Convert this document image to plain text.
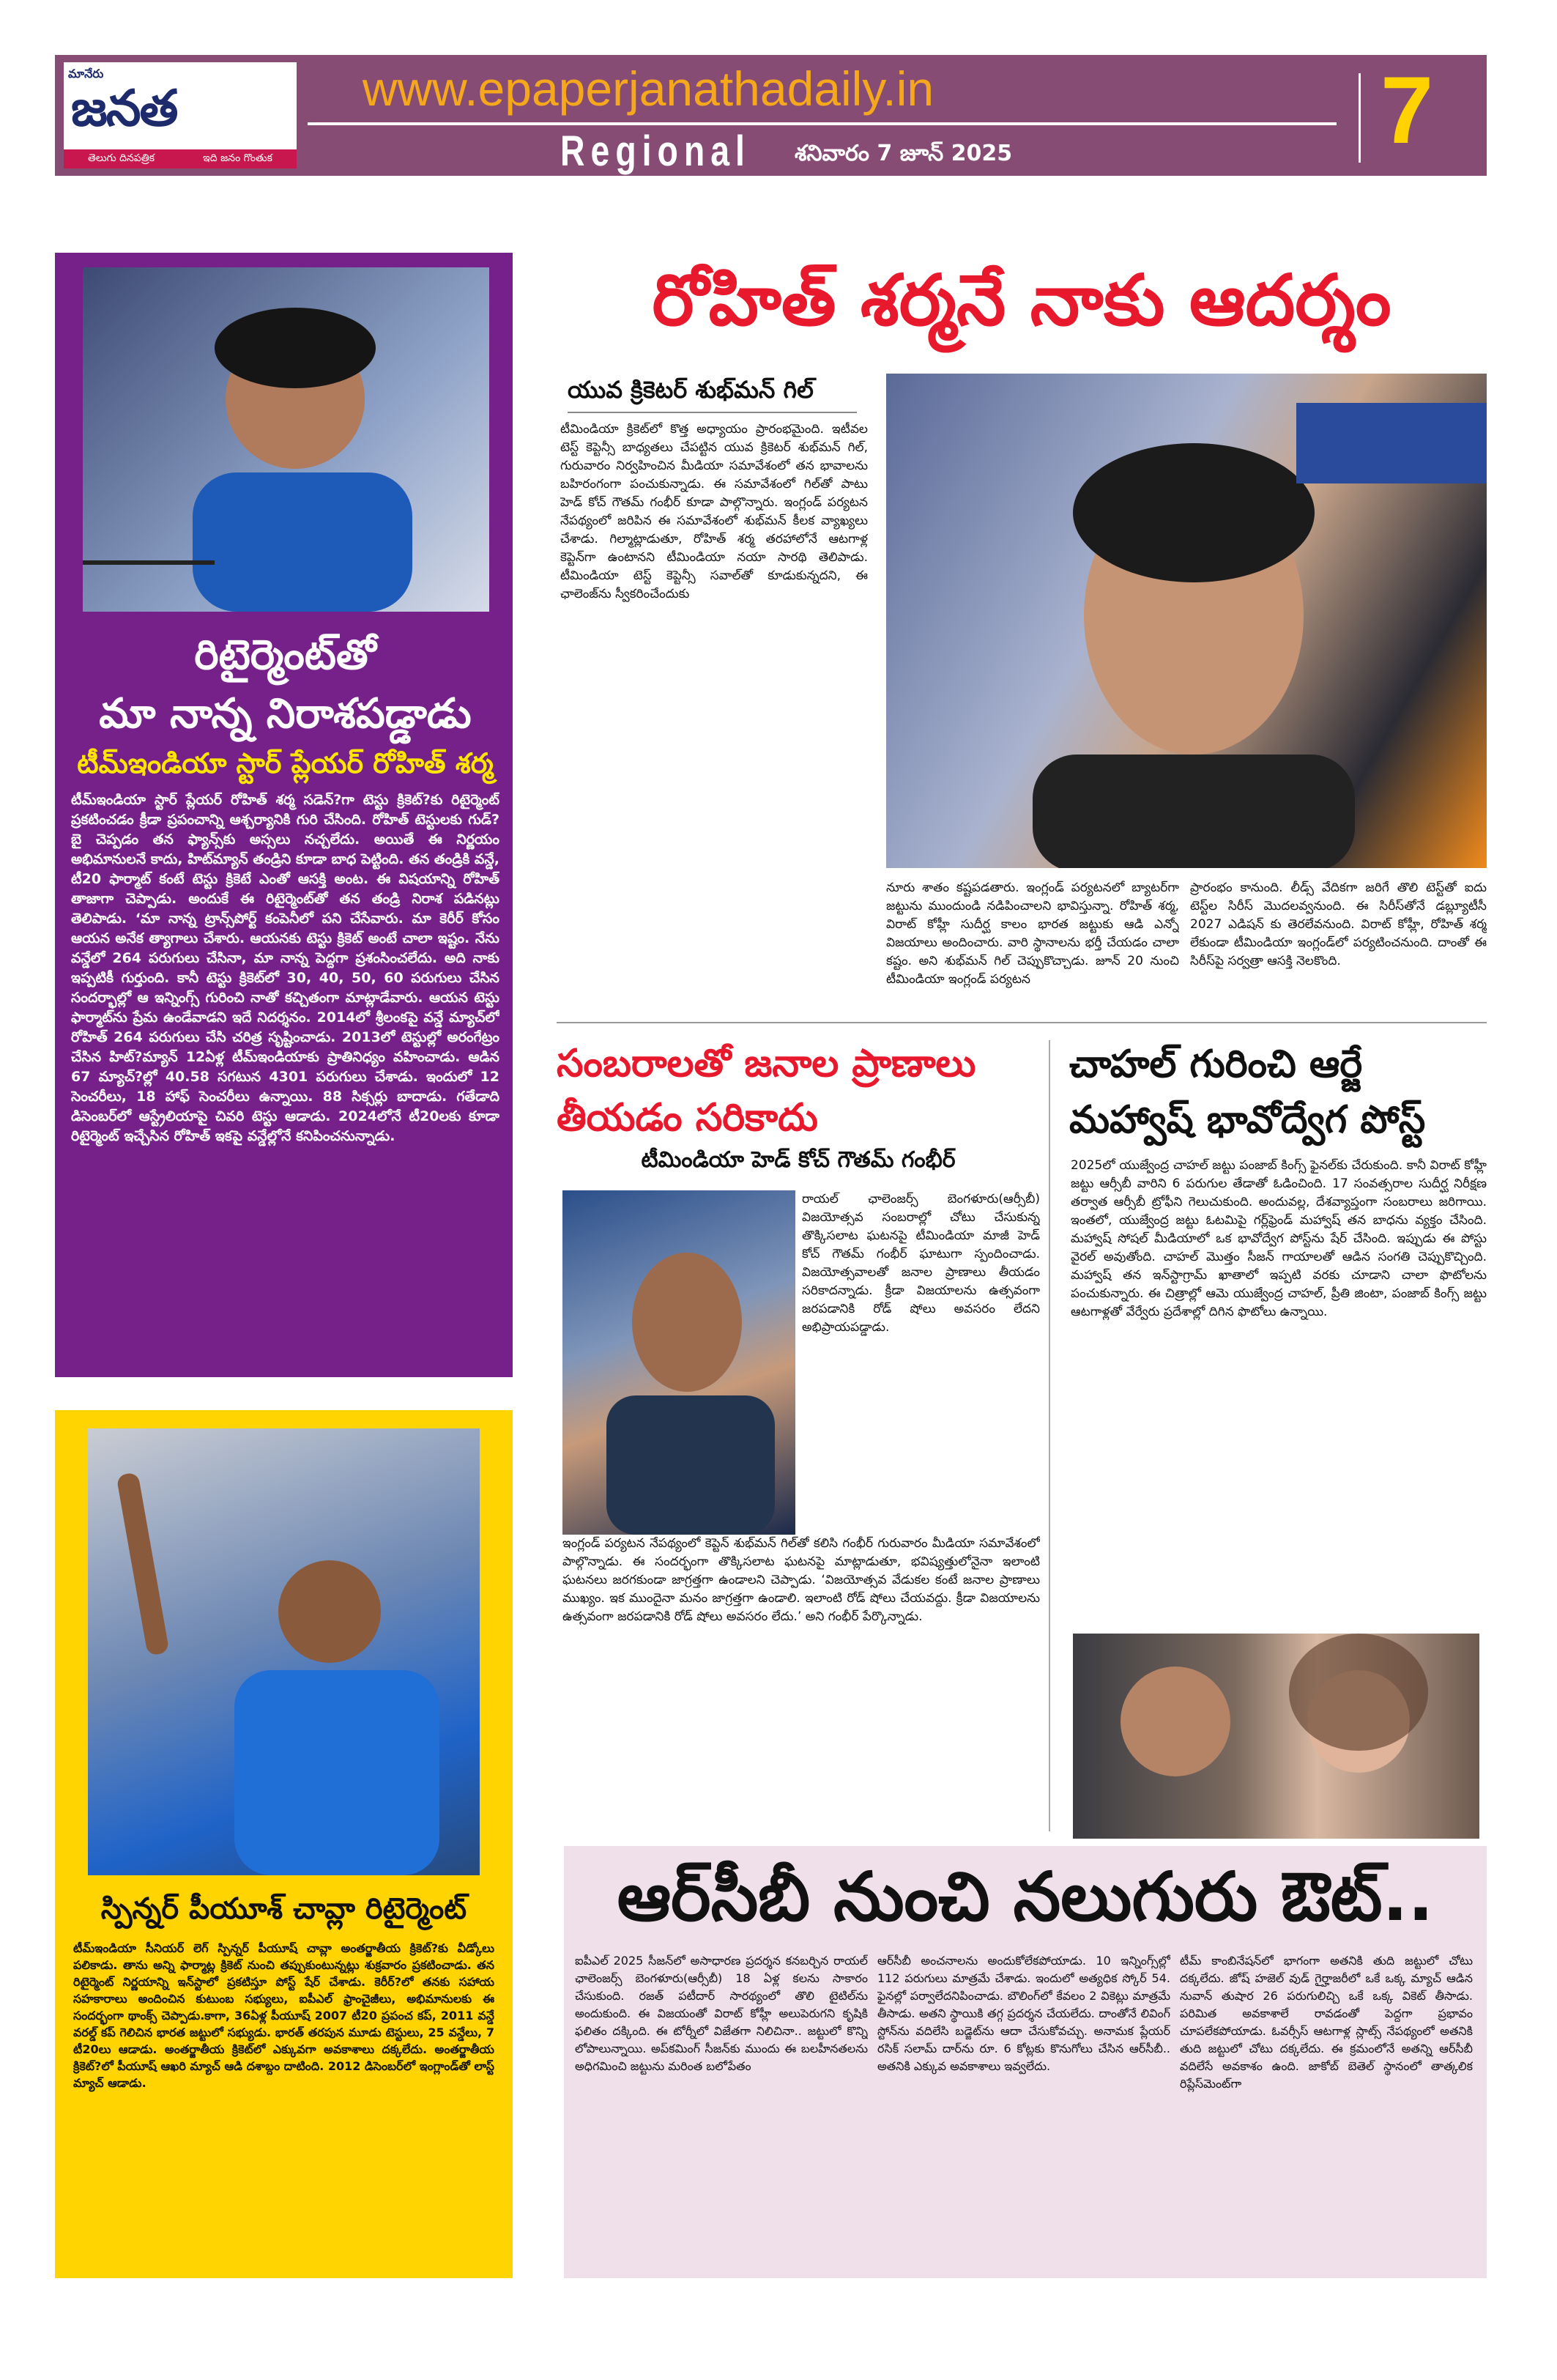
మానేరు
జనత
తెలుగు దినపత్రిక	ఇది జనం గొంతుక
www.epaperjanathadaily.in
Regional శనివారం 7 జూన్ 2025	7
రిటైర్మెంట్‌తో
మా నాన్న నిరాశపడ్డాడు
టీమ్‌ఇండియా స్టార్ ప్లేయర్ రోహిత్ శర్మ
టీమ్‌ఇండియా స్టార్ ప్లేయర్ రోహిత్ శర్మ సడెన్?గా టెస్టు క్రికెట్?కు రిటైర్మెంట్ ప్రకటించడం క్రీడా ప్రపంచాన్ని ఆశ్చర్యానికి గురి చేసింది. రోహిత్ టెస్టులకు గుడ్? బై చెప్పడం తన ఫ్యాన్స్‌కు అస్సలు నచ్చలేదు. అయితే ఈ నిర్ణయం అభిమానులనే కాదు, హిట్‌మ్యాన్ తండ్రిని కూడా బాధ పెట్టింది. తన తండ్రికి వన్డే, టీ20 ఫార్మాట్ కంటే టెస్టు క్రికెటే ఎంతో ఆసక్తి అంట. ఈ విషయాన్ని రోహిత్ తాజాగా చెప్పాడు. అందుకే ఈ రిటైర్మెంట్‌తో తన తండ్రి నిరాశ పడినట్లు తెలిపాడు. ‘మా నాన్న ట్రాన్స్‌పోర్ట్ కంపెనీలో పని చేసేవారు. మా కెరీర్ కోసం ఆయన అనేక త్యాగాలు చేశారు. ఆయనకు టెస్టు క్రికెట్ అంటే చాలా ఇష్టం. నేను వన్డేలో 264 పరుగులు చేసినా, మా నాన్న పెద్దగా ప్రశంసించలేదు. అది నాకు ఇప్పటికీ గుర్తుంది. కానీ టెస్టు క్రికెట్‌లో 30, 40, 50, 60 పరుగులు చేసిన సందర్భాల్లో ఆ ఇన్నింగ్స్ గురించి నాతో కచ్చితంగా మాట్లాడేవారు. ఆయన టెస్టు ఫార్మాట్‌ను ప్రేమ ఉండేవాడని ఇదే నిదర్శనం. 2014లో శ్రీలంకపై వన్డే మ్యాచ్‌లో రోహిత్ 264 పరుగులు చేసి చరిత్ర సృష్టించాడు. 2013లో టెస్టుల్లో అరంగేట్రం చేసిన హిట్?మ్యాన్ 12ఏళ్ల టీమ్‌ఇండియాకు ప్రాతినిధ్యం వహించాడు. ఆడిన 67 మ్యాచ్?ల్లో 40.58 సగటున 4301 పరుగులు చేశాడు. ఇందులో 12 సెంచరీలు, 18 హాఫ్ సెంచరీలు ఉన్నాయి. 88 సిక్సర్లు బాదాడు. గతేడాది డిసెంబర్‌లో ఆస్ట్రేలియాపై చివరి టెస్టు ఆడాడు. 2024లోనే టీ20లకు కూడా రిటైర్మెంట్ ఇచ్చేసిన రోహిత్ ఇకపై వన్డేల్లోనే కనిపించనున్నాడు.
స్పిన్నర్ పీయూశ్ చావ్లా రిటైర్మెంట్
టీమ్‌ఇండియా సీనియర్ లెగ్ స్పిన్నర్ పీయూష్ చావ్లా అంతర్జాతీయ క్రికెట్?కు వీడ్కోలు పలికాడు. తాను అన్ని ఫార్మాట్ల క్రికెట్ నుంచి తప్పుకుంటున్నట్లు శుక్రవారం ప్రకటించాడు. తన రిటైర్మెంట్ నిర్ణయాన్ని ఇన్‌స్టాలో ప్రకటిస్తూ పోస్ట్ షేర్ చేశాడు. కెరీర్?లో తనకు సహాయ సహకారాలు అందించిన కుటుంబ సభ్యులు, ఐపీఎల్ ఫ్రాంచైజీలు, అభిమానులకు ఈ సందర్భంగా థాంక్స్ చెప్పాడు.కాగా, 36ఏళ్ల పీయూష్ 2007 టీ20 ప్రపంచ కప్, 2011 వన్డే వరల్డ్ కప్ గెలిచిన భారత జట్టులో సభ్యుడు. భారత్ తరపున మూడు టెస్టులు, 25 వన్డేలు, 7 టీ20లు ఆడాడు. అంతర్జాతీయ క్రికెట్‌లో ఎక్కువగా అవకాశాలు దక్కలేదు. అంతర్జాతీయ క్రికెట్?లో పీయూష్ ఆఖరి మ్యాచ్ ఆడి దశాబ్దం దాటింది. 2012 డిసెంబర్‌లో ఇంగ్లాండ్‌తో లాస్ట్ మ్యాచ్ ఆడాడు.
రోహిత్ శర్మనే నాకు ఆదర్శం
యువ క్రికెటర్ శుభ్‌మన్ గిల్
టీమిండియా క్రికెట్‌లో కొత్త అధ్యాయం ప్రారంభమైంది. ఇటీవల టెస్ట్ కెప్టెన్సీ బాధ్యతలు చేపట్టిన యువ క్రికెటర్ శుభ్‌మన్ గిల్, గురువారం నిర్వహించిన మీడియా సమావేశంలో తన భావాలను బహిరంగంగా పంచుకున్నాడు. ఈ సమావేశంలో గిల్‌తో పాటు హెడ్ కోచ్ గౌతమ్ గంభీర్ కూడా పాల్గొన్నారు. ఇంగ్లండ్ పర్యటన నేపథ్యంలో జరిపిన ఈ సమావేశంలో శుభ్‌మన్ కీలక వ్యాఖ్యలు చేశాడు. గిల్మాట్లాడుతూ, రోహిత్ శర్మ తరహాలోనే ఆటగాళ్ల కెప్టెన్‌గా ఉంటానని టీమిండియా నయా సారథి తెలిపాడు. టీమిండియా టెస్ట్ కెప్టెన్సీ సవాల్‌తో కూడుకున్నదని, ఈ ఛాలెంజ్‌ను స్వీకరించేందుకు
నూరు శాతం కష్టపడతారు. ఇంగ్లండ్ పర్యటనలో బ్యాటర్‌గా జట్టును ముందుండి నడిపించాలని భావిస్తున్నా. రోహిత్ శర్మ, విరాట్ కోహ్లీ సుదీర్ఘ కాలం భారత జట్టుకు ఆడి ఎన్నో విజయాలు అందించారు. వారి స్థానాలను భర్తీ చేయడం చాలా కష్టం. అని శుభ్‌మన్ గిల్ చెప్పుకొచ్చాడు. జూన్ 20 నుంచి టీమిండియా ఇంగ్లండ్ పర్యటన
ప్రారంభం కానుంది. లీడ్స్ వేదికగా జరిగే తొలి టెస్ట్‌తో ఐదు టెస్ట్‌ల సిరీస్ మొదలవ్వనుంది. ఈ సిరీస్‌తోనే డబ్ల్యూటీసీ 2027 ఎడిషన్ కు తెరలేవనుంది. విరాట్ కోహ్లీ, రోహిత్ శర్మ లేకుండా టీమిండియా ఇంగ్లండ్‌లో పర్యటించనుంది. దాంతో ఈ సిరీస్‌పై సర్వత్రా ఆసక్తి నెలకొంది.
సంబరాలతో జనాల ప్రాణాలు తీయడం సరికాదు
టీమిండియా హెడ్ కోచ్ గౌతమ్ గంభీర్
రాయల్ ఛాలెంజర్స్ బెంగళూరు(ఆర్సీబీ) విజయోత్సవ సంబరాల్లో చోటు చేసుకున్న తొక్కిసలాట ఘటనపై టీమిండియా మాజీ హెడ్ కోచ్ గౌతమ్ గంభీర్ ఘాటుగా స్పందించాడు. విజయోత్సవాలతో జనాల ప్రాణాలు తీయడం సరికాదన్నాడు. క్రీడా విజయాలను ఉత్సవంగా జరపడానికి రోడ్ షోలు అవసరం లేదని అభిప్రాయపడ్డాడు.
ఇంగ్లండ్ పర్యటన నేపథ్యంలో కెప్టెన్ శుభ్‌మన్ గిల్‌తో కలిసి గంభీర్ గురువారం మీడియా సమావేశంలో పాల్గొన్నాడు. ఈ సందర్భంగా తొక్కిసలాట ఘటనపై మాట్లాడుతూ, భవిష్యత్తులోనైనా ఇలాంటి ఘటనలు జరగకుండా జాగ్రత్తగా ఉండాలని చెప్పాడు. ‘విజయోత్సవ వేడుకల కంటే జనాల ప్రాణాలు ముఖ్యం. ఇక ముందైనా మనం జాగ్రత్తగా ఉండాలి. ఇలాంటి రోడ్ షోలు చేయవద్దు. క్రీడా విజయాలను ఉత్సవంగా జరపడానికి రోడ్ షోలు అవసరం లేదు.’ అని గంభీర్ పేర్కొన్నాడు.
చాహల్ గురించి ఆర్జే మహ్వాష్ భావోద్వేగ పోస్ట్
2025లో యుజ్వేంద్ర చాహల్ జట్టు పంజాబ్ కింగ్స్ ఫైనల్‌కు చేరుకుంది. కానీ విరాట్ కోహ్లీ జట్టు ఆర్సీబీ వారిని 6 పరుగుల తేడాతో ఓడించింది. 17 సంవత్సరాల సుదీర్ఘ నిరీక్షణ తర్వాత ఆర్సీబీ ట్రోఫీని గెలుచుకుంది. అందువల్ల, దేశవ్యాప్తంగా సంబరాలు జరిగాయి. ఇంతలో, యుజ్వేంద్ర జట్టు ఓటమిపై గర్ల్‌ఫ్రెండ్ మహ్వాష్ తన బాధను వ్యక్తం చేసింది. మహ్వాష్ సోషల్ మీడియాలో ఒక భావోద్వేగ పోస్ట్‌ను షేర్ చేసింది. ఇప్పుడు ఈ పోస్టు వైరల్ అవుతోంది. చాహల్ మొత్తం సీజన్ గాయాలతో ఆడిన సంగతి చెప్పుకొచ్చింది. మహ్వాష్ తన ఇన్‌స్టాగ్రామ్ ఖాతాలో ఇప్పటి వరకు చూడాని చాలా ఫొటోలను పంచుకున్నారు. ఈ చిత్రాల్లో ఆమె యుజ్వేంద్ర చాహల్, ప్రీతి జింటా, పంజాబ్ కింగ్స్ జట్టు ఆటగాళ్లతో వేర్వేరు ప్రదేశాల్లో దిగిన ఫొటోలు ఉన్నాయి.
ఆర్‌సీబీ నుంచి నలుగురు ఔట్..
ఐపీఎల్ 2025 సీజన్‌లో అసాధారణ ప్రదర్శన కనబర్చిన రాయల్ ఛాలెంజర్స్ బెంగళూరు(ఆర్సీబీ) 18 ఏళ్ల కలను సాకారం చేసుకుంది. రజత్ పటీదార్ సారథ్యంలో తొలి టైటిల్‌ను అందుకుంది. ఈ విజయంతో విరాట్ కోహ్లీ అలుపెరుగని కృషికి ఫలితం దక్కింది. ఈ టోర్నీలో విజేతగా నిలిచినా.. జట్టులో కొన్ని లోపాలున్నాయి. అప్‌కమింగ్ సీజన్‌కు ముందు ఈ బలహీనతలను అధిగమించి జట్టును మరింత బలోపేతం
ఆర్‌సీబీ అంచనాలను అందుకోలేకపోయాడు. 10 ఇన్నింగ్స్‌ల్లో 112 పరుగులు మాత్రమే చేశాడు. ఇందులో అత్యధిక స్కోర్ 54. ఫైనల్లో పర్వాలేదనిపించాడు. బౌలింగ్‌లో కేవలం 2 వికెట్లు మాత్రమే తీసాడు. అతని స్థాయికి తగ్గ ప్రదర్శన చేయలేదు. దాంతోనే లివింగ్ స్టోన్‌ను వదిలేసి బడ్జెట్‌ను ఆదా చేసుకోవచ్చు. అనామక ప్లేయర్ రసిక్ సలామ్ దార్‌ను రూ. 6 కోట్లకు కొనుగోలు చేసిన ఆర్‌సీబీ.. అతనికి ఎక్కువ అవకాశాలు ఇవ్వలేదు.
టీమ్ కాంబినేషన్‌లో భాగంగా అతనికి తుది జట్టులో చోటు దక్కలేదు. జోష్ హజెల్ వుడ్ గైర్హాజరీలో ఒకే ఒక్క మ్యాచ్ ఆడిన నువాన్ తుషార 26 పరుగులిచ్చి ఒకే ఒక్క వికెట్ తీసాడు. పరిమిత అవకాశాలే రావడంతో పెద్దగా ప్రభావం చూపలేకపోయాడు. ఓవర్సీస్ ఆటగాళ్ల స్లాట్స్ నేపథ్యంలో అతనికి తుది జట్టులో చోటు దక్కలేదు. ఈ క్రమంలోనే అతన్ని ఆర్‌సీబీ వదిలేసే అవకాశం ఉంది. జాకోబ్ బెతెల్ స్థానంలో తాత్కలిక రిప్లేస్‌మెంట్‌గా
